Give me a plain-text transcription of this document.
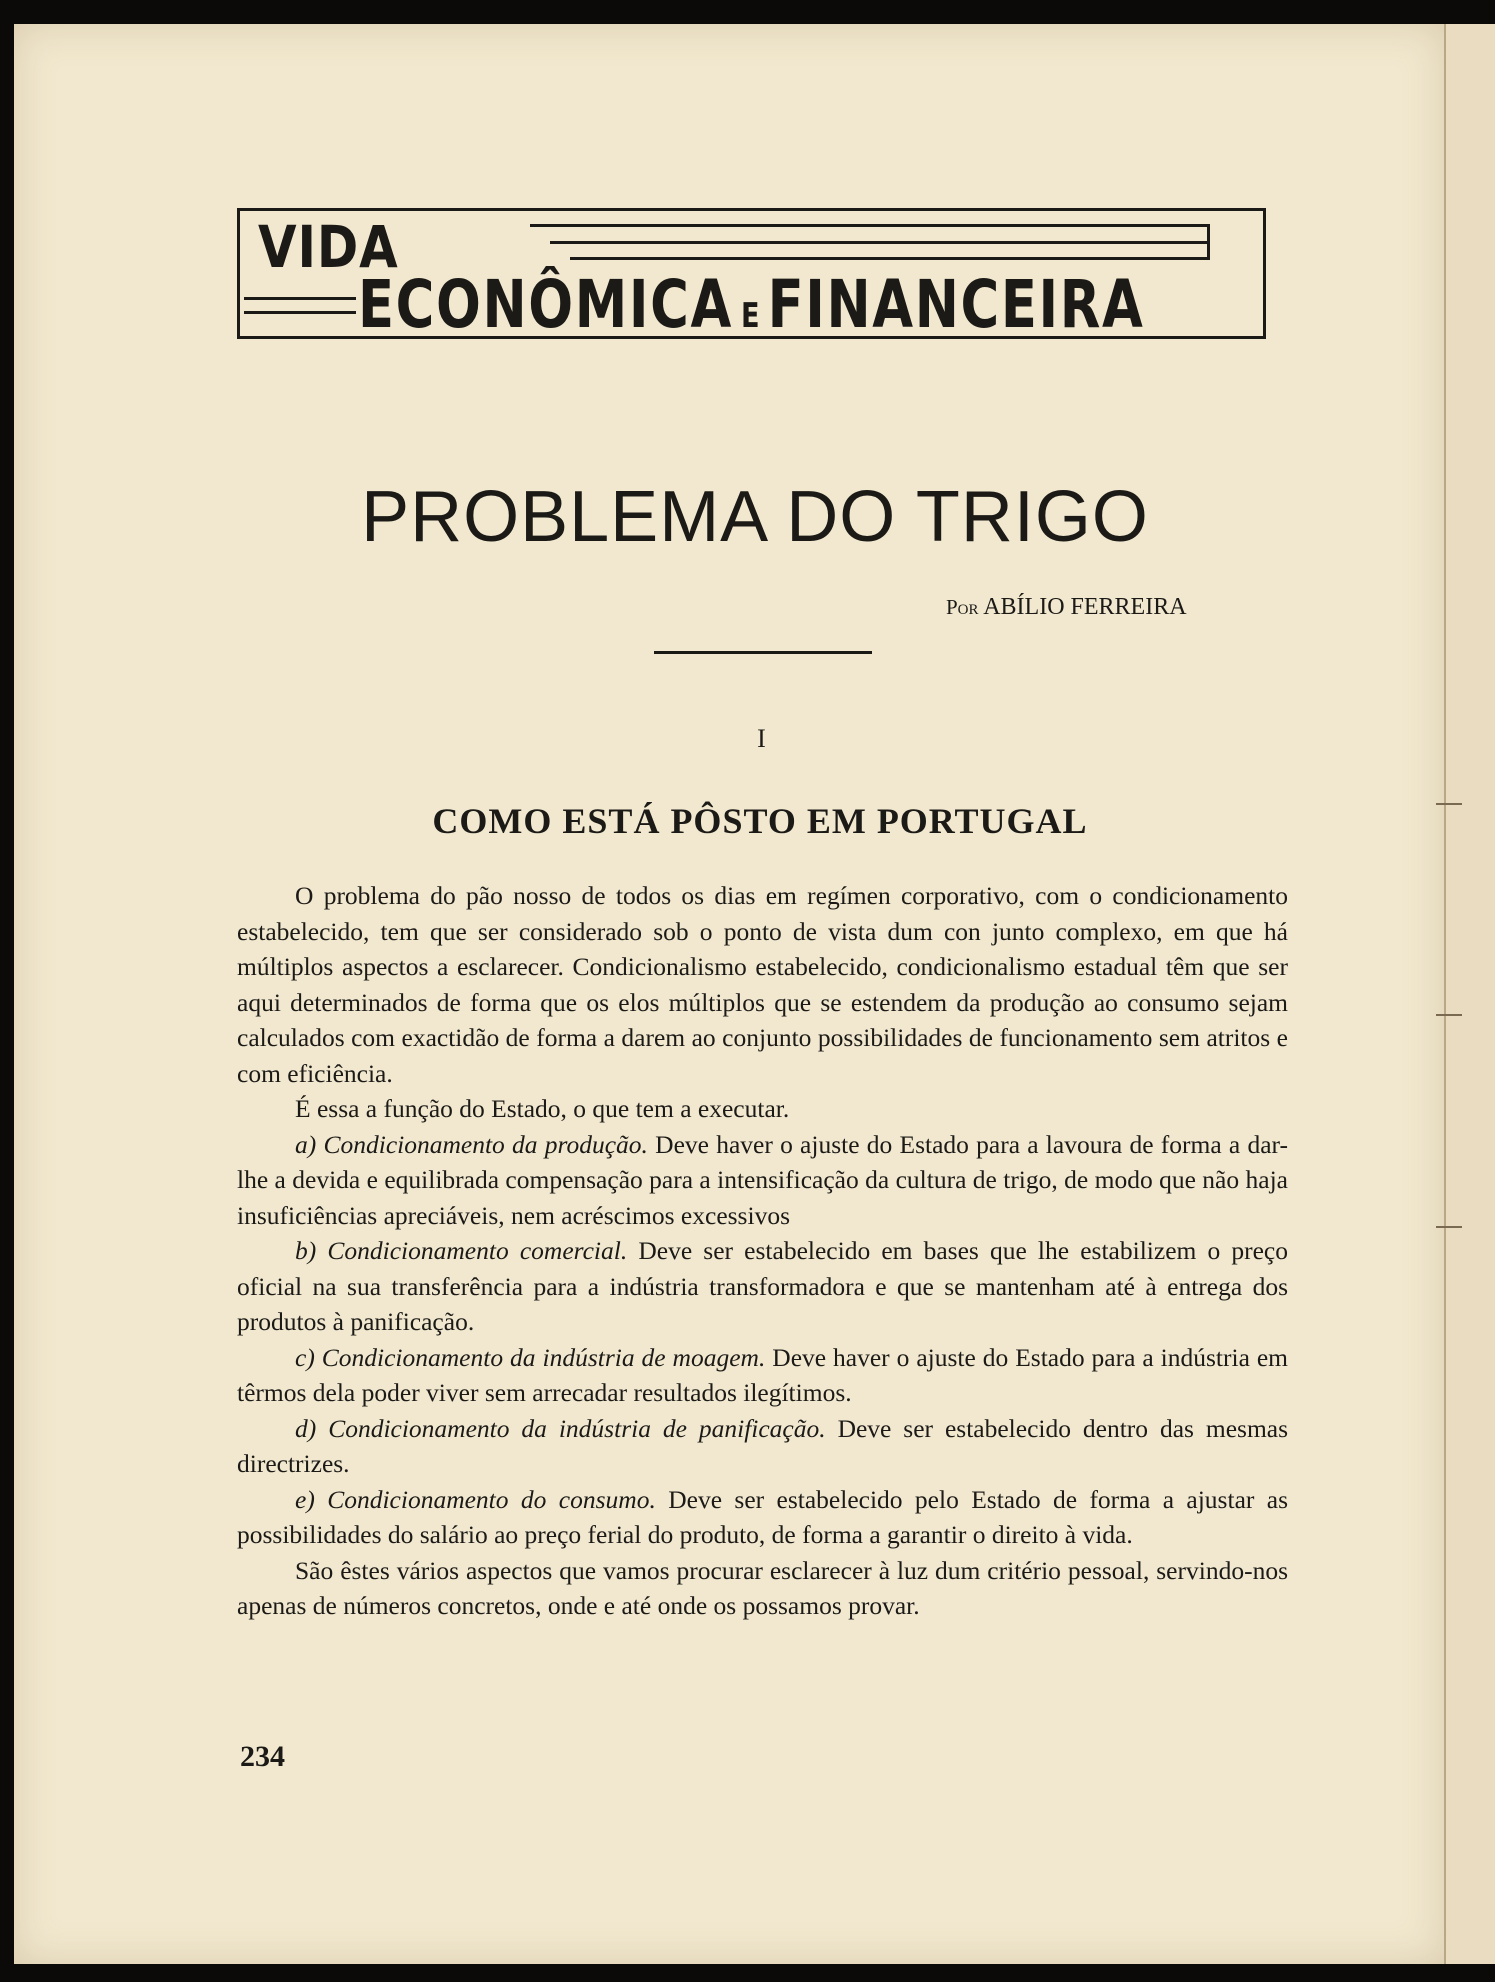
VIDA
ECONÔMICA E FINANCEIRA
PROBLEMA DO TRIGO
Por ABÍLIO FERREIRA
I
COMO ESTÁ PÔSTO EM PORTUGAL

O problema do pão nosso de todos os dias em regímen corporativo, com o condicionamento estabelecido, tem que ser considerado sob o ponto de vista dum con junto complexo, em que há múltiplos aspectos a esclarecer. Condicionalismo estabelecido, condicionalismo estadual têm que ser aqui determinados de forma que os elos múltiplos que se estendem da produção ao consumo sejam calculados com exactidão de forma a darem ao conjunto possibilidades de funcionamento sem atritos e com eficiência.

É essa a função do Estado, o que tem a executar.

a) Condicionamento da produção. Deve haver o ajuste do Estado para a lavoura de forma a dar-lhe a devida e equilibrada compensação para a intensificação da cultura de trigo, de modo que não haja insuficiências apreciáveis, nem acréscimos excessivos

b) Condicionamento comercial. Deve ser estabelecido em bases que lhe estabilizem o preço oficial na sua transferência para a indústria transformadora e que se mantenham até à entrega dos produtos à panificação.

c) Condicionamento da indústria de moagem. Deve haver o ajuste do Estado para a indústria em têrmos dela poder viver sem arrecadar resultados ilegítimos.

d) Condicionamento da indústria de panificação. Deve ser estabelecido dentro das mesmas directrizes.

e) Condicionamento do consumo. Deve ser estabelecido pelo Estado de forma a ajustar as possibilidades do salário ao preço ferial do produto, de forma a garantir o direito à vida.

São êstes vários aspectos que vamos procurar esclarecer à luz dum critério pessoal, servindo-nos apenas de números concretos, onde e até onde os possamos provar.

234
